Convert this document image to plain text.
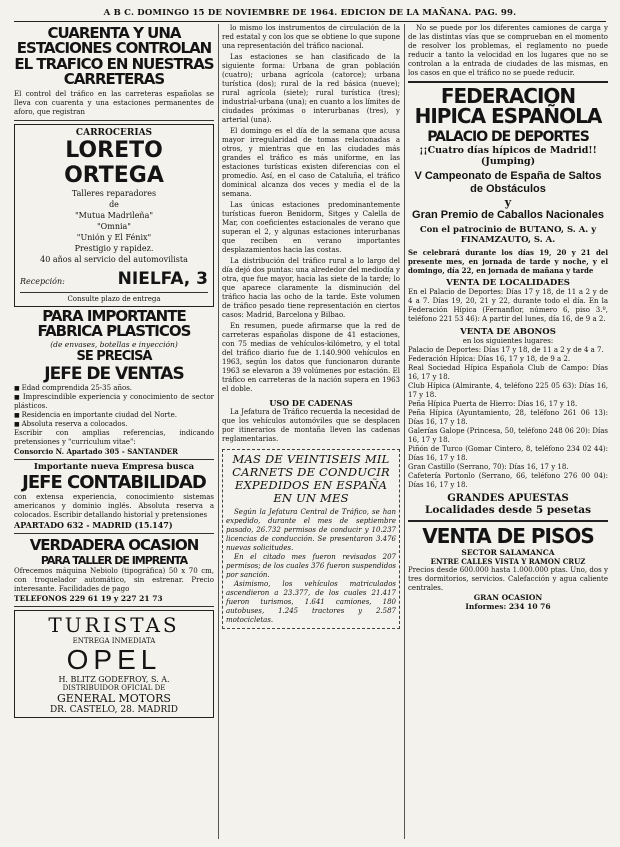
A B C. DOMINGO 15 DE NOVIEMBRE DE 1964. EDICION DE LA MAÑANA. PAG. 99.
CUARENTA Y UNA ESTACIONES CONTROLAN EL TRAFICO EN NUESTRAS CARRETERAS
El control del tráfico en las carreteras españolas se lleva con cuarenta y una estaciones permanentes de aforo, que registran
CARROCERIAS
LORETO ORTEGA
Talleres reparadores
de
"Mutua Madrileña"
"Omnia"
"Unión y El Fénix"
Prestigio y rapidez.
40 años al servicio del automovilista
Recepción:	NIELFA, 3
Consulte plazo de entrega
PARA IMPORTANTE
FABRICA PLASTICOS
(de envases, botellas e inyección)
SE PRECISA
JEFE DE VENTAS
■ Edad comprendida 25-35 años.
■ Imprescindible experiencia y conocimiento de sector plásticos.
■ Residencia en importante ciudad del Norte.
■ Absoluta reserva a colocados.
Escribir con amplias referencias, indicando pretensiones y "curriculum vitae":
Consorcio N. Apartado 305 - SANTANDER
Importante nueva Empresa busca
JEFE CONTABILIDAD
con extensa experiencia, conocimiento sistemas americanos y dominio inglés. Absoluta reserva a colocados. Escribir detallando historial y pretensiones
APARTADO 632 - MADRID (15.147)
VERDADERA OCASION
PARA TALLER DE IMPRENTA
Ofrecemos máquina Nebiolo (tipográfica) 50 x 70 cm, con troquelador automático, sin estrenar. Precio interesante. Facilidades de pago
TELEFONOS 229 61 19 y 227 21 73
TURISTAS
ENTREGA INMEDIATA
OPEL
H. BLITZ GODEFROY, S. A.
DISTRIBUIDOR OFICIAL DE
GENERAL MOTORS
DR. CASTELO, 28. MADRID
lo mismo los instrumentos de circulación de la red estatal y con los que se obtiene lo que supone una representación del tráfico nacional.
Las estaciones se han clasificado de la siguiente forma: Urbana de gran población (cuatro); urbana agrícola (catorce); urbana turística (dos); rural de la red básica (nueve); rural agrícola (siete); rural turística (tres); industrial-urbana (una); en cuanto a los límites de ciudades próximas o interurbanas (tres), y arterial (una).
El domingo es el día de la semana que acusa mayor irregularidad de tomas relacionadas a otros, y mientras que en las ciudades más grandes el tráfico es más uniforme, en las estaciones turísticas existen diferencias con el promedio. Así, en el caso de Cataluña, el tráfico dominical alcanza dos veces y media el de la semana.
Las únicas estaciones predominantemente turísticas fueron Benidorm, Sitges y Calella de Mar, con coeficientes estacionales de verano que superan el 2, y algunas estaciones interurbanas que reciben en verano importantes desplazamientos hacia las costas.
La distribución del tráfico rural a lo largo del día dejó dos puntas: una alrededor del mediodía y otra, que fue mayor, hacia las siete de la tarde; lo que aparece claramente la disminución del tráfico hacia las ocho de la tarde. Este volumen de tráfico pesado tiene representación en ciertos casos: Madrid, Barcelona y Bilbao.
En resumen, puede afirmarse que la red de carreteras españolas dispone de 41 estaciones, con 75 medias de vehículos-kilómetro, y el total del tráfico diario fue de 1.140.900 vehículos en 1963, según los datos que funcionaron durante 1963 se elevaron a 39 volúmenes por estación. El tráfico en carreteras de la nación supera en 1963 el doble.
USO DE CADENAS
La Jefatura de Tráfico recuerda la necesidad de que los vehículos automóviles que se desplacen por itinerarios de montaña lleven las cadenas reglamentarias.
MAS DE VEINTISEIS MIL CARNETS DE CONDUCIR EXPEDIDOS EN ESPAÑA EN UN MES
Según la Jefatura Central de Tráfico, se han expedido, durante el mes de septiembre pasado, 26.732 permisos de conducir y 10.237 licencias de conducción. Se presentaron 3.476 nuevas solicitudes.
En el citado mes fueron revisados 207 permisos; de los cuales 376 fueron suspendidos por sanción.
Asimismo, los vehículos matriculados ascendieron a 23.377, de los cuales 21.417 fueron turismos, 1.641 camiones, 180 autobuses, 1.245 tractores y 2.587 motocicletas.
No se puede por los diferentes camiones de carga y de las distintas vías que se comprueban en el momento de resolver los problemas, el reglamento no puede reducir a tanto la velocidad en los lugares que no se controlan a la entrada de ciudades de las mismas, en los casos en que el tráfico no se puede reducir.
FEDERACION HIPICA ESPAÑOLA
PALACIO DE DEPORTES
¡¡Cuatro días hípicos de Madrid!! (Jumping)
V Campeonato de España de Saltos de Obstáculos
y
Gran Premio de Caballos Nacionales
Con el patrocinio de BUTANO, S. A. y FINAMZAUTO, S. A.
Se celebrará durante los días 19, 20 y 21 del presente mes, en jornada de tarde y noche, y el domingo, día 22, en jornada de mañana y tarde
VENTA DE LOCALIDADES
En el Palacio de Deportes: Días 17 y 18, de 11 a 2 y de 4 a 7. Días 19, 20, 21 y 22, durante todo el día. En la Federación Hípica (Fernanflor, número 6, piso 3.º, teléfono 221 53 46): A partir del lunes, día 16, de 9 a 2.
VENTA DE ABONOS
en los siguientes lugares:
Palacio de Deportes: Días 17 y 18, de 11 a 2 y de 4 a 7.
Federación Hípica: Días 16, 17 y 18, de 9 a 2.
Real Sociedad Hípica Española Club de Campo: Días 16, 17 y 18.
Club Hípica (Almirante, 4, teléfono 225 05 63): Días 16, 17 y 18.
Peña Hípica Puerta de Hierro: Días 16, 17 y 18.
Peña Hípica (Ayuntamiento, 28, teléfono 261 06 13): Días 16, 17 y 18.
Galerías Galope (Princesa, 50, teléfono 248 06 20): Días 16, 17 y 18.
Piñón de Turco (Gomar Cintero, 8, teléfono 234 02 44): Días 16, 17 y 18.
Gran Castillo (Serrano, 70): Días 16, 17 y 18.
Cafetería Portonlo (Serrano, 66, teléfono 276 00 04): Días 16, 17 y 18.
GRANDES APUESTAS
Localidades desde 5 pesetas
VENTA DE PISOS
SECTOR SALAMANCA
ENTRE CALLES VISTA Y RAMON CRUZ
Precios desde 600.000 hasta 1.000.000 ptas. Uno, dos y tres dormitorios, servicios. Calefacción y agua caliente centrales.
GRAN OCASION
Informes: 234 10 76
